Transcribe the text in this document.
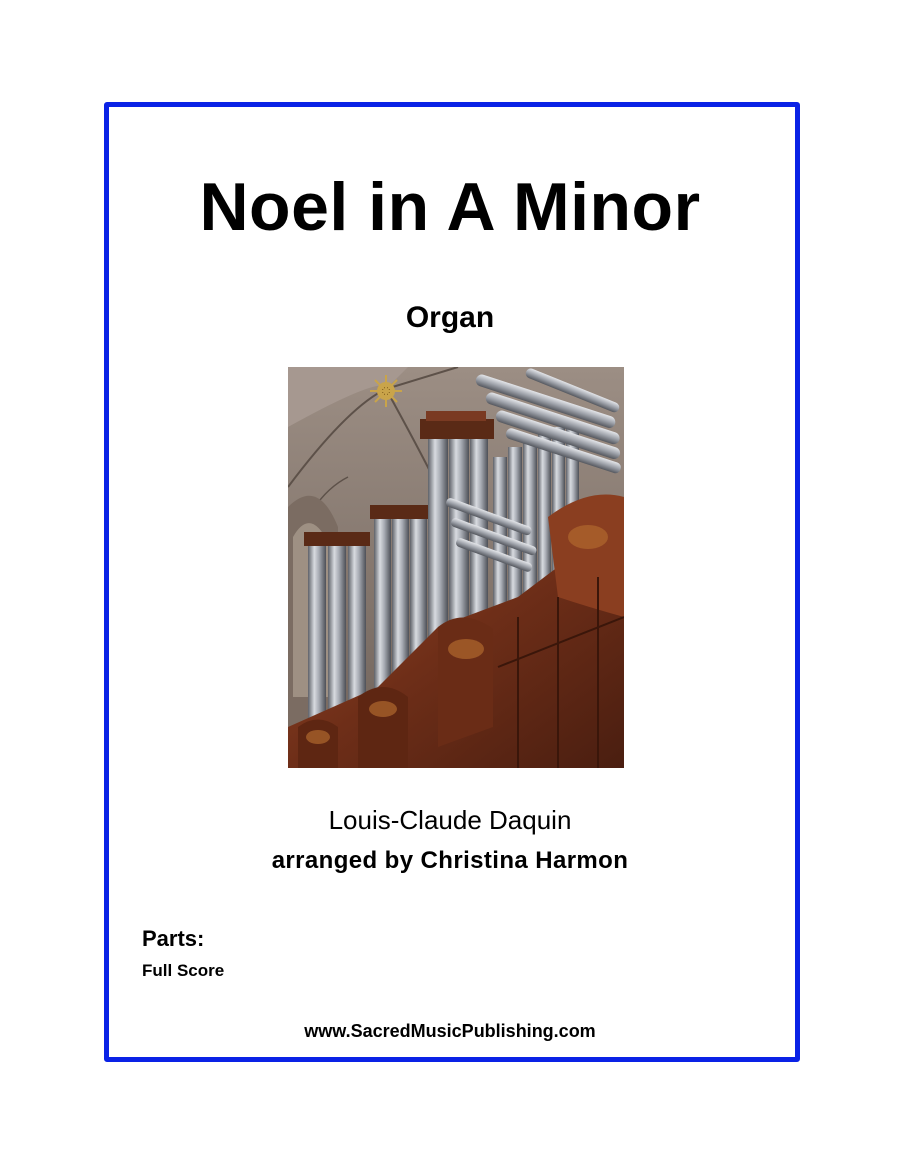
Noel in A Minor
Organ
Louis-Claude Daquin
arranged by Christina Harmon
Parts:
Full Score
www.SacredMusicPublishing.com
